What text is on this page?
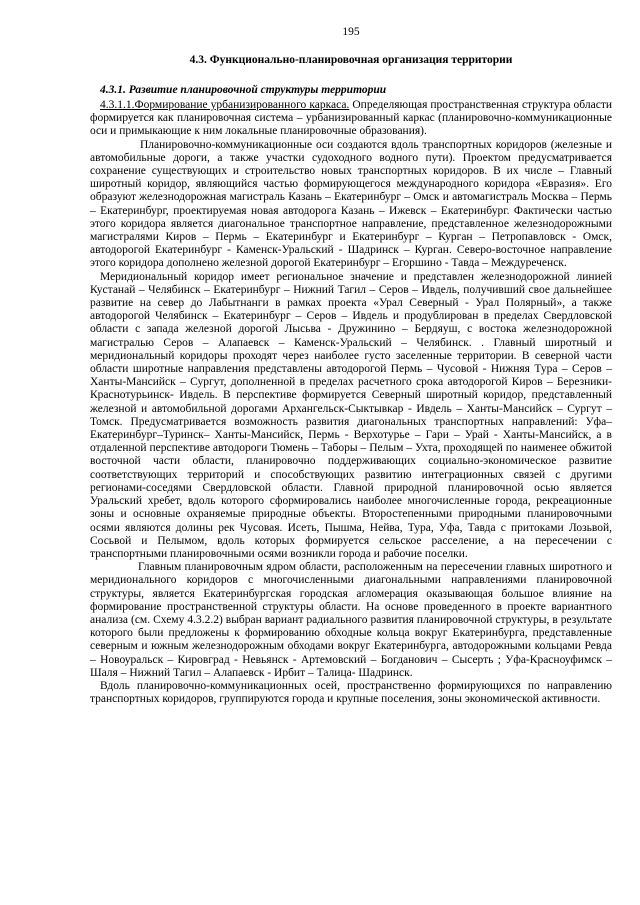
195
4.3. Функционально-планировочная организация территории
4.3.1. Развитие планировочной структуры территории

4.3.1.1.Формирование урбанизированного каркаса. Определяющая пространственная структура области формируется как планировочная система – урбанизированный каркас (планировочно-коммуникационные оси и примыкающие к ним локальные планировочные образования).

Планировочно-коммуникационные оси создаются вдоль транспортных коридоров (железные и автомобильные дороги, а также участки судоходного водного пути). Проектом предусматривается сохранение существующих и строительство новых транспортных коридоров. В их числе – Главный широтный коридор, являющийся частью формирующегося международного коридора «Евразия». Его образуют железнодорожная магистраль Казань – Екатеринбург – Омск и автомагистраль Москва – Пермь – Екатеринбург, проектируемая новая автодорога Казань – Ижевск – Екатеринбург. Фактически частью этого коридора является диагональное транспортное направление, представленное железнодорожными магистралями Киров – Пермь – Екатеринбург и Екатеринбург – Курган – Петропавловск - Омск, автодорогой Екатеринбург - Каменск-Уральский - Шадринск – Курган. Северо-восточное направление этого коридора дополнено железной дорогой Екатеринбург – Егоршино - Тавда – Междуреченск.

Меридиональный коридор имеет региональное значение и представлен железнодорожной линией Кустанай – Челябинск – Екатеринбург – Нижний Тагил – Серов – Ивдель, получивший свое дальнейшее развитие на север до Лабытнанги в рамках проекта «Урал Северный - Урал Полярный», а также автодорогой Челябинск – Екатеринбург – Серов – Ивдель и продублирован в пределах Свердловской области с запада железной дорогой Лысьва - Дружинино – Бердяуш, с востока железнодорожной магистралью Серов – Алапаевск – Каменск-Уральский – Челябинск. . Главный широтный и меридиональный коридоры проходят через наиболее густо заселенные территории. В северной части области широтные направления представлены автодорогой Пермь – Чусовой - Нижняя Тура – Серов – Ханты-Мансийск – Сургут, дополненной в пределах расчетного срока автодорогой Киров – Березники- Краснотурьинск- Ивдель. В перспективе формируется Северный широтный коридор, представленный железной и автомобильной дорогами Архангельск-Сыктывкар - Ивдель – Ханты-Мансийск – Сургут – Томск. Предусматривается возможность развития диагональных транспортных направлений: Уфа–Екатеринбург–Туринск– Ханты-Мансийск, Пермь - Верхотурье – Гари – Урай - Ханты-Мансийск, а в отдаленной перспективе автодороги Тюмень – Таборы – Пелым – Ухта, проходящей по наименее обжитой восточной части области, планировочно поддерживающих социально-экономическое развитие соответствующих территорий и способствующих развитию интеграционных связей с другими регионами-соседями Свердловской области. Главной природной планировочной осью является Уральский хребет, вдоль которого сформировались наиболее многочисленные города, рекреационные зоны и основные охраняемые природные объекты. Второстепенными природными планировочными осями являются долины рек Чусовая. Исеть, Пышма, Нейва, Тура, Уфа, Тавда с притоками Лозьвой, Сосьвой и Пелымом, вдоль которых формируется сельское расселение, а на пересечении с транспортными планировочными осями возникли города и рабочие поселки.

Главным планировочным ядром области, расположенным на пересечении главных широтного и меридионального коридоров с многочисленными диагональными направлениями планировочной структуры, является Екатеринбургская городская агломерация оказывающая большое влияние на формирование пространственной структуры области. На основе проведенного в проекте вариантного анализа (см. Схему 4.3.2.2) выбран вариант радиального развития планировочной структуры, в результате которого были предложены к формированию обходные кольца вокруг Екатеринбурга, представленные северным и южным железнодорожным обходами вокруг Екатеринбурга, автодорожными кольцами Ревда – Новоуральск – Кировград - Невьянск - Артемовский – Богданович – Сысерть ; Уфа-Красноуфимск – Шаля – Нижний Тагил – Алапаевск - Ирбит – Талица- Шадринск.

Вдоль планировочно-коммуникационных осей, пространственно формирующихся по направлению транспортных коридоров, группируются города и крупные поселения, зоны экономической активности.
